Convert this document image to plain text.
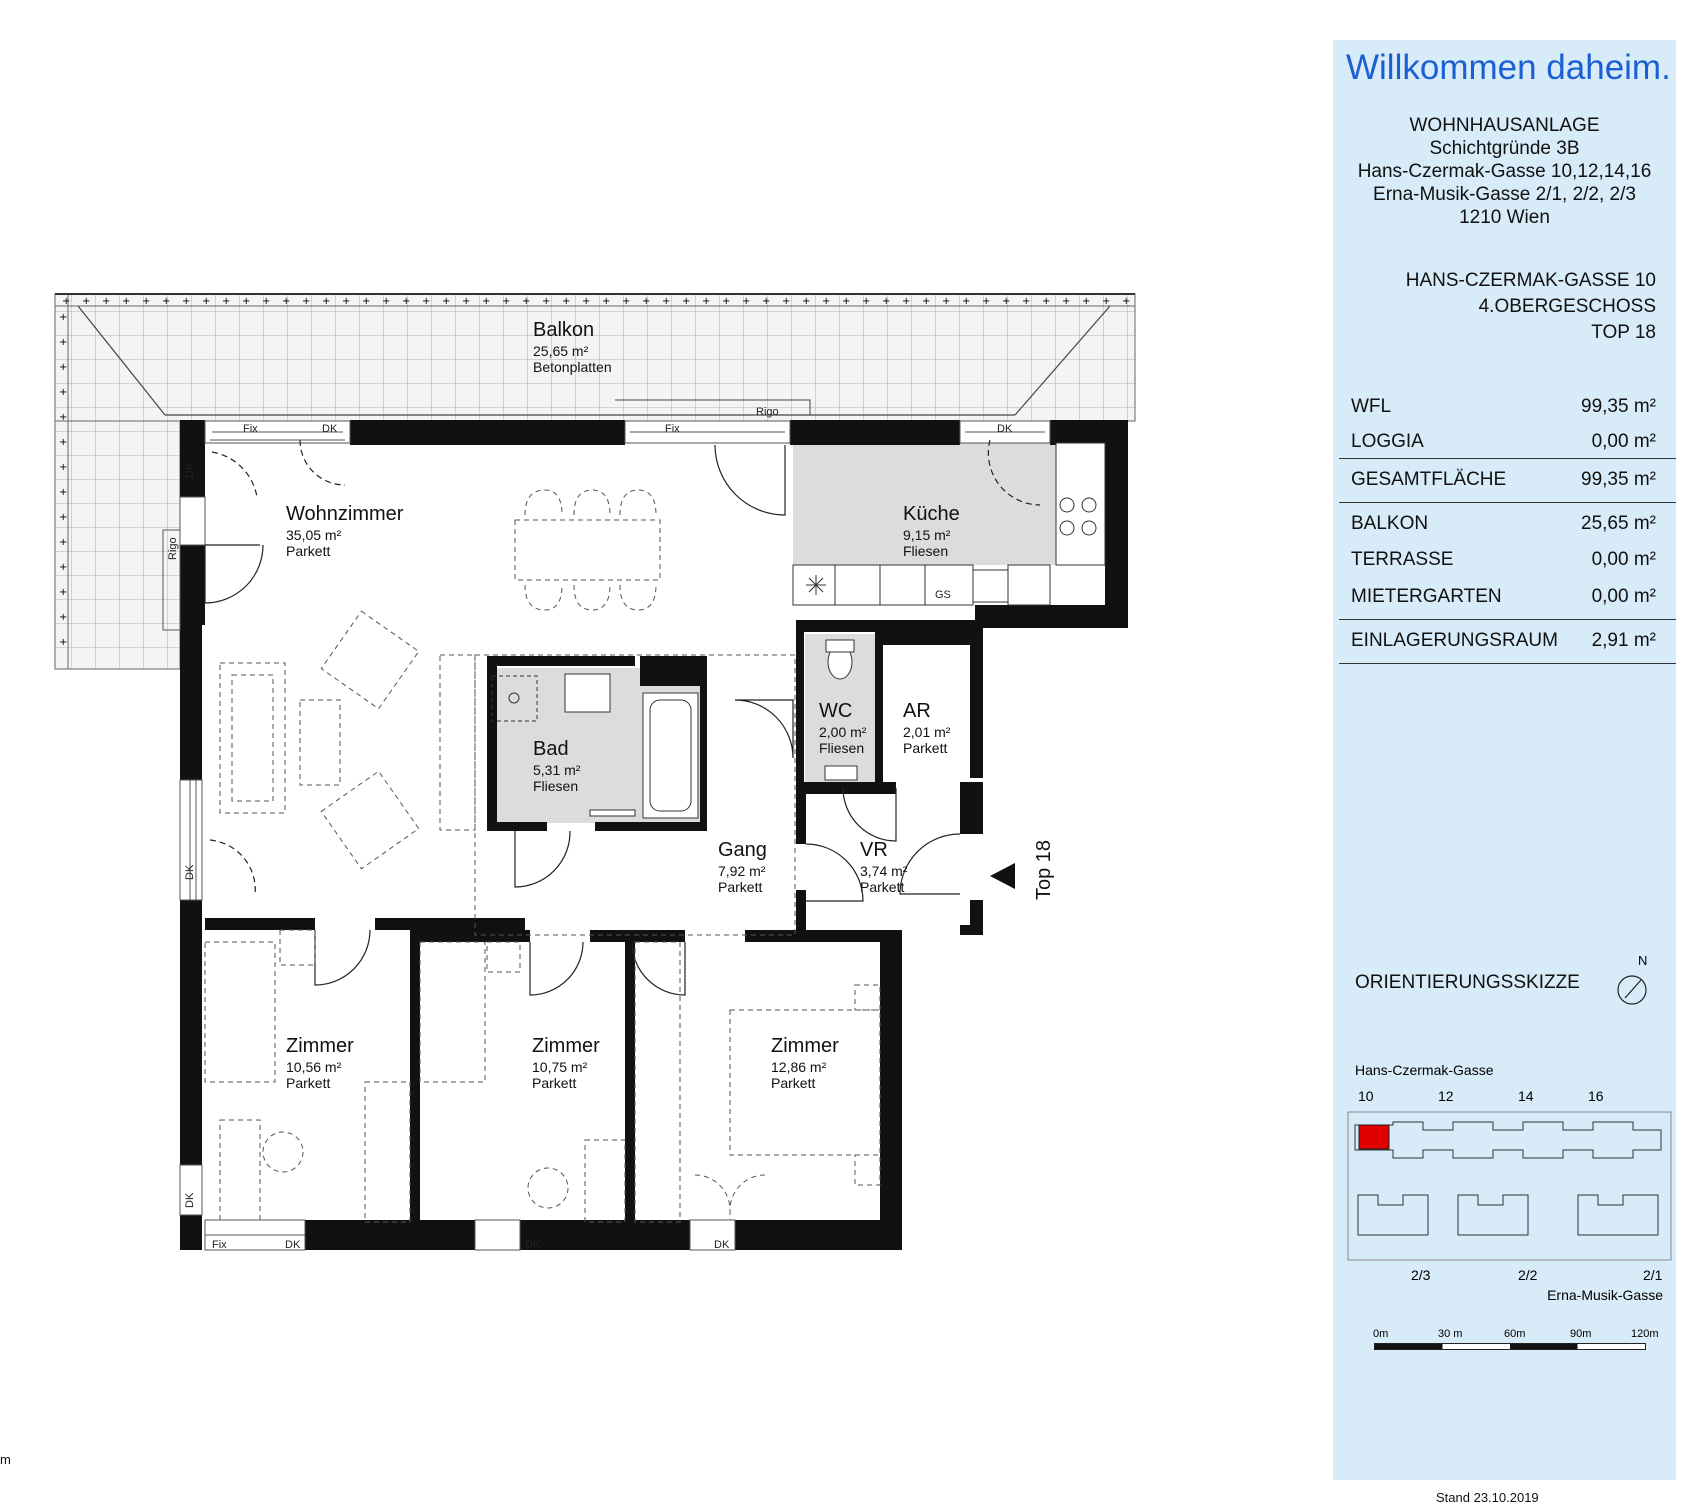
Top 18
Fix	DK	Fix
Rigo
DK
GS
DK
Rigo
DK
DK
Fix	DK	DK	DK
Balkon
25,65 m²
Betonplatten
Wohnzimmer
35,05 m²
Parkett
Küche
9,15 m²
Fliesen
Bad
5,31 m²
Fliesen
WC
2,00 m²
Fliesen
AR
2,01 m²
Parkett
Gang
7,92 m²
Parkett
VR
3,74 m²
Parkett
Zimmer
10,56 m²
Parkett
Zimmer
10,75 m²
Parkett
Zimmer
12,86 m²
Parkett
+ + + + + + + + + + + + + + + + + + + + + + + + + + + + + + + + + + + + + + + + + + + + + + + + + + + + + +
+
+
+
+
+
+
+
+
+
+
+
+
+
+
m
Willkommen daheim.
WOHNHAUSANLAGE
Schichtgründe 3B
Hans-Czermak-Gasse 10,12,14,16
Erna-Musik-Gasse 2/1, 2/2, 2/3
1210 Wien
HANS-CZERMAK-GASSE 10
4.OBERGESCHOSS
TOP 18
WFL	99,35 m²
LOGGIA	0,00 m²
GESAMTFLÄCHE	99,35 m²
BALKON	25,65 m²
TERRASSE	0,00 m²
MIETERGARTEN	0,00 m²
EINLAGERUNGSRAUM 2,91 m²
ORIENTIERUNGSSKIZZE
N
Hans-Czermak-Gasse
10	12	14	16
2/3	2/2	2/1
Erna-Musik-Gasse
0m	30 m	60m	90m	120m
Stand 23.10.2019
